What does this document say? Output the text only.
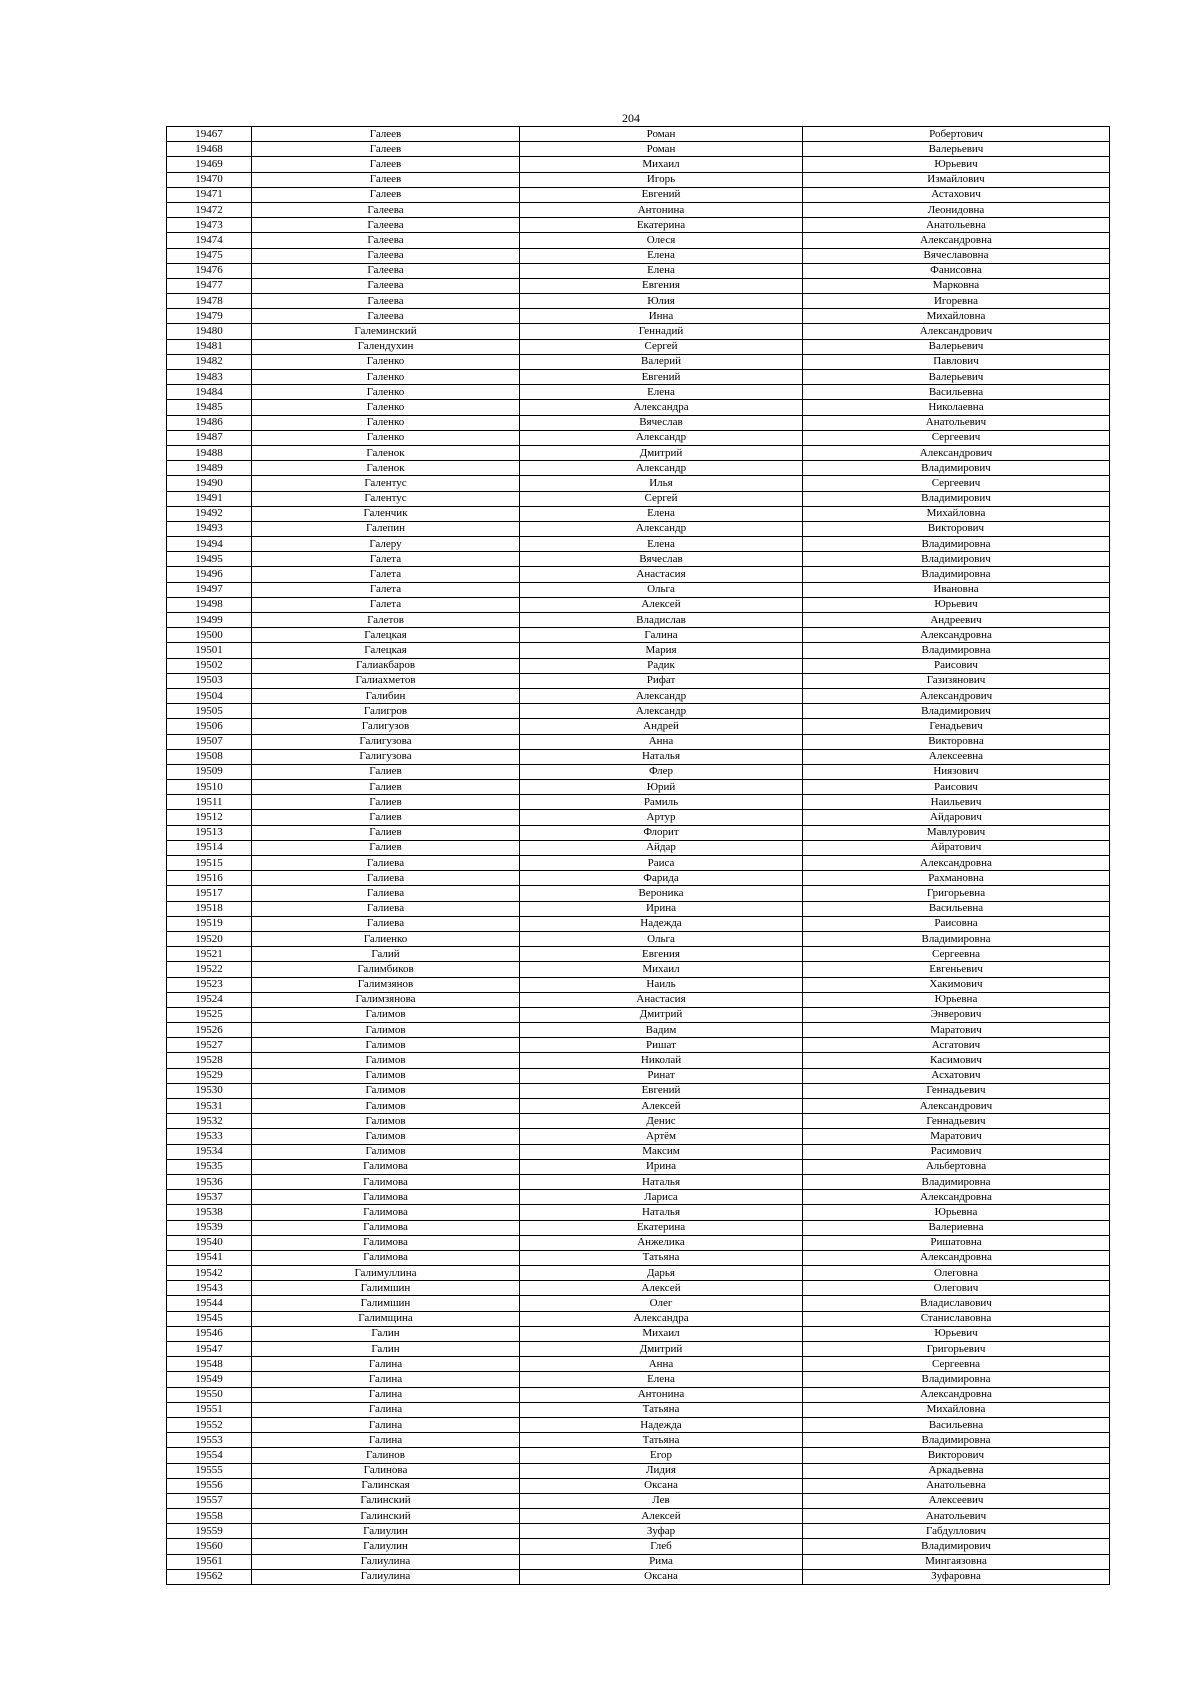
204
19467	Галеев	Роман	Робертович
19468	Галеев	Роман	Валерьевич
19469	Галеев	Михаил	Юрьевич
19470	Галеев	Игорь	Измайлович
19471	Галеев	Евгений	Астахович
19472	Галеева	Антонина	Леонидовна
19473	Галеева	Екатерина	Анатольевна
19474	Галеева	Олеся	Александровна
19475	Галеева	Елена	Вячеславовна
19476	Галеева	Елена	Фанисовна
19477	Галеева	Евгения	Марковна
19478	Галеева	Юлия	Игоревна
19479	Галеева	Инна	Михайловна
19480	Галеминский	Геннадий	Александрович
19481	Галендухин	Сергей	Валерьевич
19482	Галенко	Валерий	Павлович
19483	Галенко	Евгений	Валерьевич
19484	Галенко	Елена	Васильевна
19485	Галенко	Александра	Николаевна
19486	Галенко	Вячеслав	Анатольевич
19487	Галенко	Александр	Сергеевич
19488	Галенок	Дмитрий	Александрович
19489	Галенок	Александр	Владимирович
19490	Галентус	Илья	Сергеевич
19491	Галентус	Сергей	Владимирович
19492	Галенчик	Елена	Михайловна
19493	Галепин	Александр	Викторович
19494	Галеру	Елена	Владимировна
19495	Галета	Вячеслав	Владимирович
19496	Галета	Анастасия	Владимировна
19497	Галета	Ольга	Ивановна
19498	Галета	Алексей	Юрьевич
19499	Галетов	Владислав	Андреевич
19500	Галецкая	Галина	Александровна
19501	Галецкая	Мария	Владимировна
19502	Галиакбаров	Радик	Раисович
19503	Галиахметов	Рифат	Газизянович
19504	Галибин	Александр	Александрович
19505	Галигров	Александр	Владимирович
19506	Галигузов	Андрей	Генадьевич
19507	Галигузова	Анна	Викторовна
19508	Галигузова	Наталья	Алексеевна
19509	Галиев	Флер	Ниязович
19510	Галиев	Юрий	Раисович
19511	Галиев	Рамиль	Наильевич
19512	Галиев	Артур	Айдарович
19513	Галиев	Флорит	Мавлурович
19514	Галиев	Айдар	Айратович
19515	Галиева	Раиса	Александровна
19516	Галиева	Фарида	Рахмановна
19517	Галиева	Вероника	Григорьевна
19518	Галиева	Ирина	Васильевна
19519	Галиева	Надежда	Раисовна
19520	Галиенко	Ольга	Владимировна
19521	Галий	Евгения	Сергеевна
19522	Галимбиков	Михаил	Евгеньевич
19523	Галимзянов	Наиль	Хакимович
19524	Галимзянова	Анастасия	Юрьевна
19525	Галимов	Дмитрий	Энверович
19526	Галимов	Вадим	Маратович
19527	Галимов	Ришат	Асгатович
19528	Галимов	Николай	Касимович
19529	Галимов	Ринат	Асхатович
19530	Галимов	Евгений	Геннадьевич
19531	Галимов	Алексей	Александрович
19532	Галимов	Денис	Геннадьевич
19533	Галимов	Артём	Маратович
19534	Галимов	Максим	Расимович
19535	Галимова	Ирина	Альбертовна
19536	Галимова	Наталья	Владимировна
19537	Галимова	Лариса	Александровна
19538	Галимова	Наталья	Юрьевна
19539	Галимова	Екатерина	Валериевна
19540	Галимова	Анжелика	Ришатовна
19541	Галимова	Татьяна	Александровна
19542	Галимуллина	Дарья	Олеговна
19543	Галимшин	Алексей	Олегович
19544	Галимшин	Олег	Владиславович
19545	Галимщина	Александра	Станиславовна
19546	Галин	Михаил	Юрьевич
19547	Галин	Дмитрий	Григорьевич
19548	Галина	Анна	Сергеевна
19549	Галина	Елена	Владимировна
19550	Галина	Антонина	Александровна
19551	Галина	Татьяна	Михайловна
19552	Галина	Надежда	Васильевна
19553	Галина	Татьяна	Владимировна
19554	Галинов	Егор	Викторович
19555	Галинова	Лидия	Аркадьевна
19556	Галинская	Оксана	Анатольевна
19557	Галинский	Лев	Алексеевич
19558	Галинский	Алексей	Анатольевич
19559	Галиулин	Зуфар	Габдуллович
19560	Галиулин	Глеб	Владимирович
19561	Галиулина	Рима	Мингаязовна
19562	Галиулина	Оксана	Зуфаровна
